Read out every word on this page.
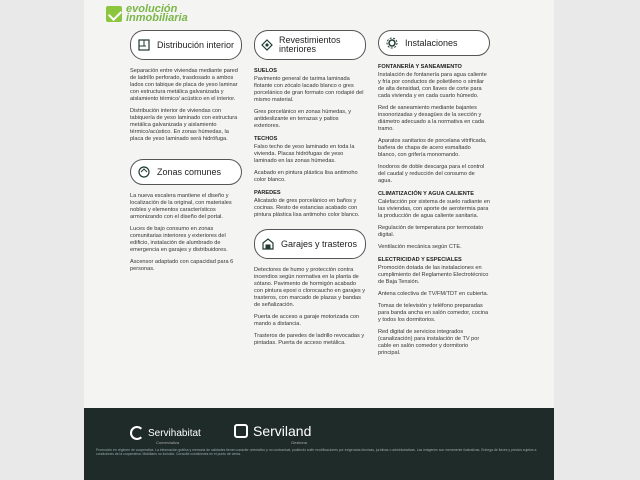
evolución
inmobiliaria
Distribución interior

Separación entre viviendas mediante pared de ladrillo perforado, trasdosado a ambos lados con tabique de placa de yeso laminar con estructura metálica galvanizada y aislamiento térmico/ acústico en el interior.

Distribución interior de viviendas con tabiquería de yeso laminado con estructura metálica galvanizada y aislamiento térmico/acústico. En zonas húmedas, la placa de yeso laminado será hidrófuga.

Zonas comunes

La nueva escalera mantiene el diseño y localización de la original, con materiales nobles y elementos característicos armonizando con el diseño del portal.

Luces de bajo consumo en zonas comunitarias interiores y exteriores del edificio, instalación de alumbrado de emergencia en garajes y distribuidores.

Ascensor adaptado con capacidad para 6 personas.

Revestimientos interiores
SUELOS

Pavimento general de tarima laminada flotante con zócalo lacado blanco o gres porcelánico de gran formato con rodapié del mismo material.

Gres porcelánico en zonas húmedas, y antideslizante en terrazas y patios exteriores.

TECHOS

Falso techo de yeso laminado en toda la vivienda. Placas hidrófugas de yeso laminado en las zonas húmedas.

Acabado en pintura plástica lisa antimoho color blanco.

PAREDES

Alicatado de gres porcelánico en baños y cocinas. Resto de estancias acabado con pintura plástica lisa antimoho color blanco.

Garajes y trasteros

Detectores de humo y protección contra incendios según normativa en la planta de sótano. Pavimento de hormigón acabado con pintura epoxi o clorocaucho en garajes y trasteros, con marcado de plazas y bandas de señalización.

Puerta de acceso a garaje motorizada con mando a distancia.

Trasteros de paredes de ladrillo revocadas y pintadas. Puerta de acceso metálica.

Instalaciones
FONTANERÍA Y SANEAMIENTO

Instalación de fontanería para agua caliente y fría por conductos de polietileno o similar de alta densidad, con llaves de corte para cada vivienda y en cada cuarto húmedo.

Red de saneamiento mediante bajantes insonorizadas y desagües de la sección y diámetro adecuado a la normativa en cada tramo.

Aparatos sanitarios de porcelana vitrificada, bañera de chapa de acero esmaltado blanco, con grifería monomando.

Inodoros de doble descarga para el control del caudal y reducción del consumo de agua.

CLIMATIZACIÓN Y AGUA CALIENTE

Calefacción por sistema de suelo radiante en las viviendas, con aporte de aerotermia para la producción de agua caliente sanitaria.

Regulación de temperatura por termostato digital.

Ventilación mecánica según CTE.

ELECTRICIDAD Y ESPECIALES

Promoción dotada de las instalaciones en cumplimiento del Reglamento Electrotécnico de Baja Tensión.

Antena colectiva de TV/FM/TDT en cubierta.

Tomas de televisión y teléfono preparadas para banda ancha en salón comedor, cocina y todos los dormitorios.

Red digital de servicios integrados (canalización) para instalación de TV por cable en salón comedor y dormitorio principal.

Servihabitat
Comercializa
Serviland
Gestiona
Promoción en régimen de cooperativa. La información gráfica y memoria de calidades tienen carácter orientativo y no contractual, pudiendo sufrir modificaciones por exigencias técnicas, jurídicas o administrativas. Las imágenes son meramente ilustrativas. Entrega de llaves y precios sujetos a condiciones de la cooperativa. Mobiliario no incluido. Consulte condiciones en el punto de venta.
